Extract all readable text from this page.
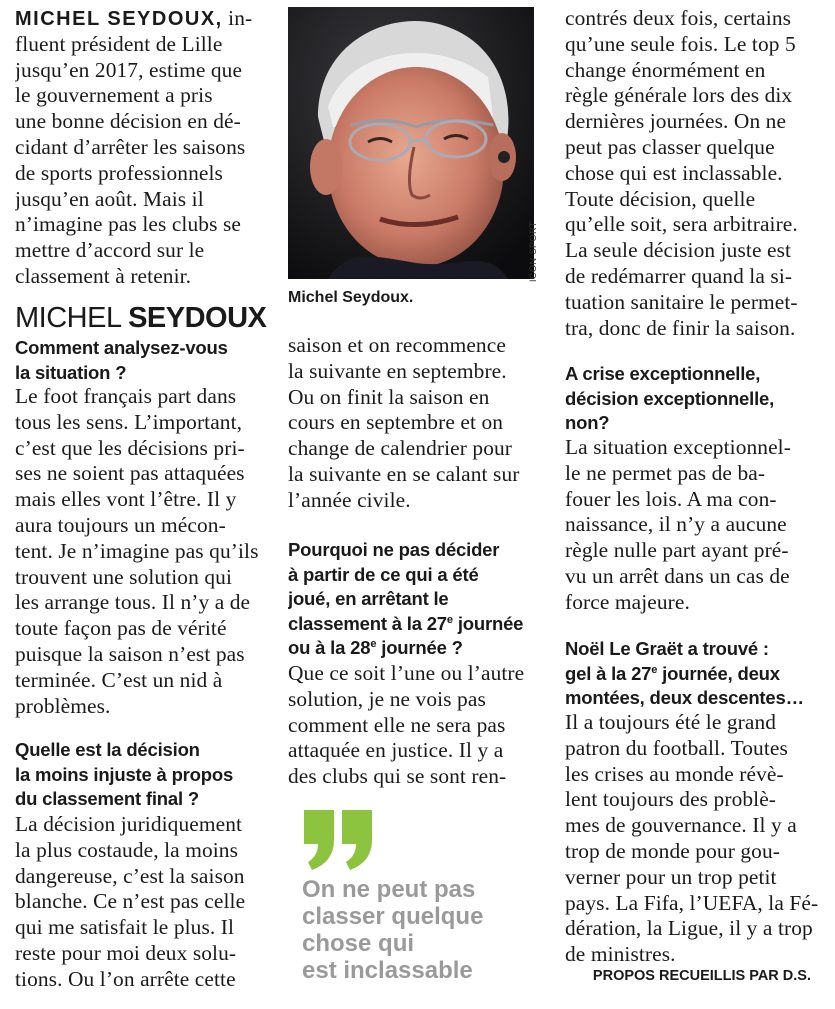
MICHEL SEYDOUX, in-
fluent président de Lille
jusqu’en 2017, estime que
le gouvernement a pris
une bonne décision en dé-
cidant d’arrêter les saisons
de sports professionnels
jusqu’en août. Mais il
n’imagine pas les clubs se
mettre d’accord sur le
classement à retenir.
MICHEL SEYDOUX
Comment analysez-vous
la situation ?
Le foot français part dans
tous les sens. L’important,
c’est que les décisions pri-
ses ne soient pas attaquées
mais elles vont l’être. Il y
aura toujours un mécon-
tent. Je n’imagine pas qu’ils
trouvent une solution qui
les arrange tous. Il n’y a de
toute façon pas de vérité
puisque la saison n’est pas
terminée. C’est un nid à
problèmes.
Quelle est la décision
la moins injuste à propos
du classement final ?
La décision juridiquement
la plus costaude, la moins
dangereuse, c’est la saison
blanche. Ce n’est pas celle
qui me satisfait le plus. Il
reste pour moi deux solu-
tions. Ou l’on arrête cette
ICON SPORT
Michel Seydoux.
saison et on recommence
la suivante en septembre.
Ou on finit la saison en
cours en septembre et on
change de calendrier pour
la suivante en se calant sur
l’année civile.
Pourquoi ne pas décider
à partir de ce qui a été
joué, en arrêtant le
classement à la 27e journée
ou à la 28e journée ?
Que ce soit l’une ou l’autre
solution, je ne vois pas
comment elle ne sera pas
attaquée en justice. Il y a
des clubs qui se sont ren-
On ne peut pas
classer quelque
chose qui
est inclassable
contrés deux fois, certains
qu’une seule fois. Le top 5
change énormément en
règle générale lors des dix
dernières journées. On ne
peut pas classer quelque
chose qui est inclassable.
Toute décision, quelle
qu’elle soit, sera arbitraire.
La seule décision juste est
de redémarrer quand la si-
tuation sanitaire le permet-
tra, donc de finir la saison.
A crise exceptionnelle,
décision exceptionnelle,
non?
La situation exceptionnel-
le ne permet pas de ba-
fouer les lois. A ma con-
naissance, il n’y a aucune
règle nulle part ayant pré-
vu un arrêt dans un cas de
force majeure.
Noël Le Graët a trouvé :
gel à la 27e journée, deux
montées, deux descentes…
Il a toujours été le grand
patron du football. Toutes
les crises au monde révè-
lent toujours des problè-
mes de gouvernance. Il y a
trop de monde pour gou-
verner pour un trop petit
pays. La Fifa, l’UEFA, la Fé-
dération, la Ligue, il y a trop
de ministres.
PROPOS RECUEILLIS PAR D.S.
